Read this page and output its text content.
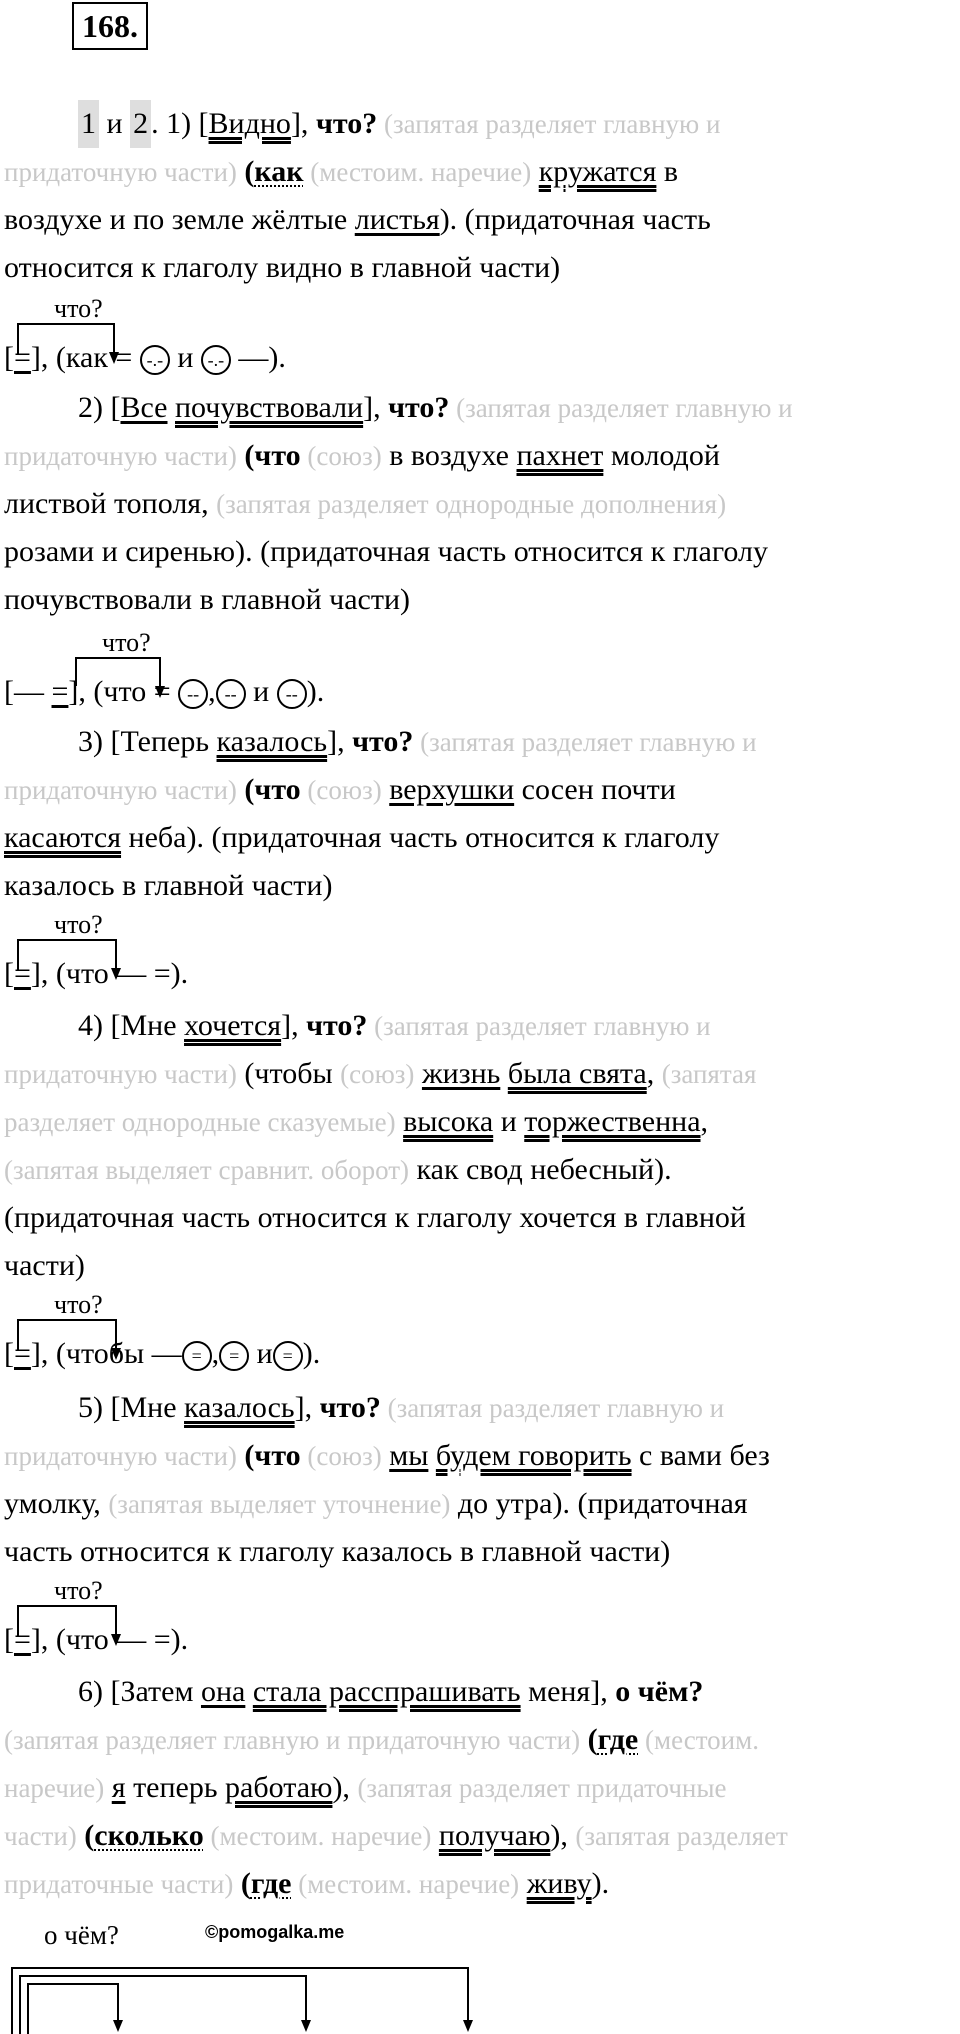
168.

1 и 2 . 1) [Видно], что? (запятая разделяет главную и

придаточную части) (как (местоим. наречие) кружатся в

воздухе и по земле жёлтые листья). (придаточная часть

относится к глаголу видно в главной части)

что?
[=], (как = -.- и -.- —).

2) [Все почувствовали], что? (запятая разделяет главную и

придаточную части) (что (союз) в воздухе пахнет молодой

листвой тополя, (запятая разделяет однородные дополнения)

розами и сиренью). (придаточная часть относится к глаголу

почувствовали в главной части)

что?
[— =], (что = -- , -- и -- ).

3) [Теперь казалось], что? (запятая разделяет главную и

придаточную части) (что (союз) верхушки сосен почти

касаются неба). (придаточная часть относится к глаголу

казалось в главной части)

что?
[=], (что — =).

4) [Мне хочется], что? (запятая разделяет главную и

придаточную части) (чтобы (союз) жизнь была свята, (запятая

разделяет однородные сказуемые) высока и торжественна,

(запятая выделяет сравнит. оборот) как свод небесный).

(придаточная часть относится к глаголу хочется в главной

части)

что?
[=], (чтобы — = , = и = ).

5) [Мне казалось], что? (запятая разделяет главную и

придаточную части) (что (союз) мы будем говорить с вами без

умолку, (запятая выделяет уточнение) до утра). (придаточная

часть относится к глаголу казалось в главной части)

что?
[=], (что — =).

6) [Затем она стала расспрашивать меня], о чём?

(запятая разделяет главную и придаточную части) (где (местоим.

наречие) я теперь работаю), (запятая разделяет придаточные

части) (сколько (местоим. наречие) получаю), (запятая разделяет

придаточные части) (где (местоим. наречие) живу).

о чём?	©pomogalka.me
